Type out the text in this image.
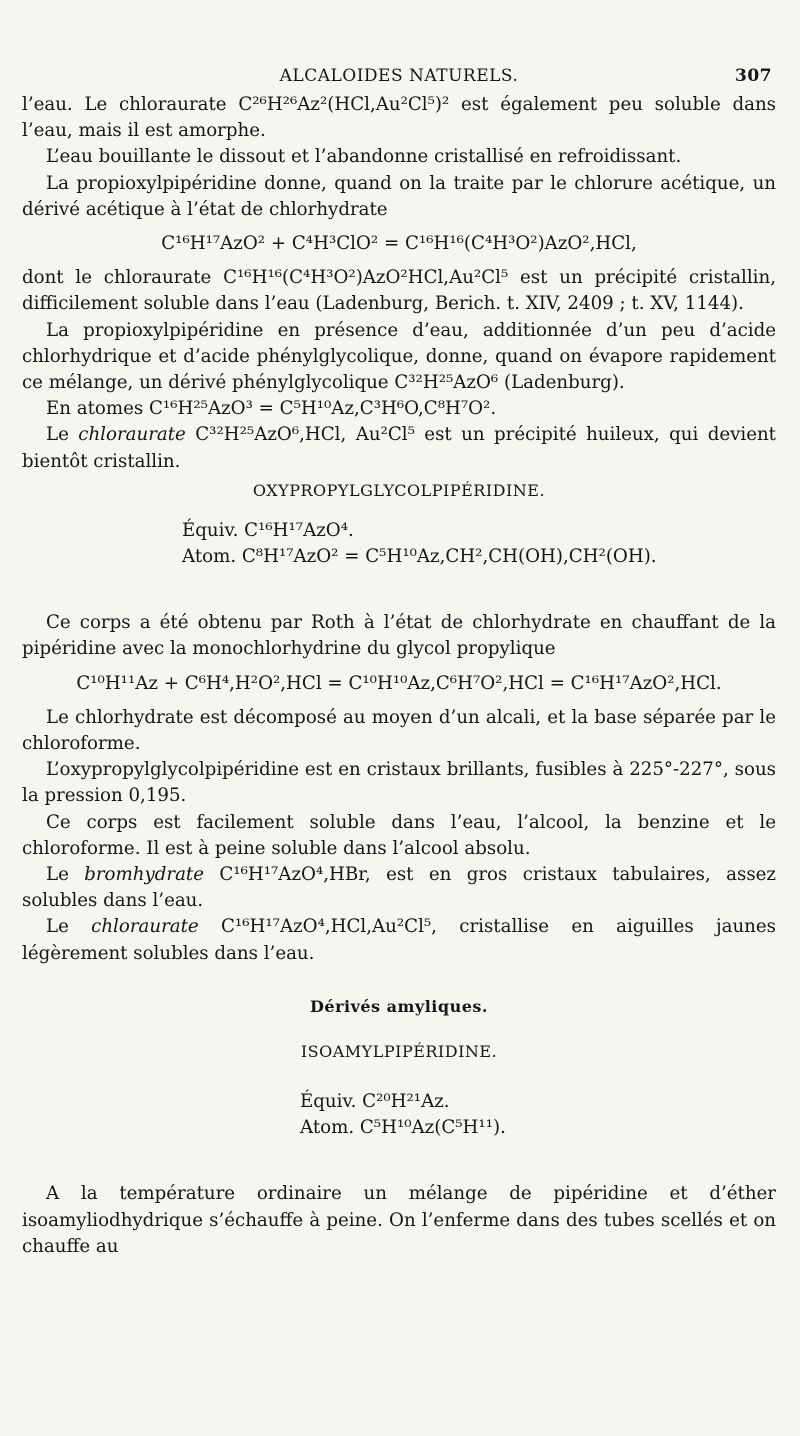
ALCALOIDES NATURELS.	307

l’eau. Le chloraurate C²⁶H²⁶Az²(HCl,Au²Cl⁵)² est également peu soluble dans l’eau, mais il est amorphe.

L’eau bouillante le dissout et l’abandonne cristallisé en refroidissant.

La propioxylpipéridine donne, quand on la traite par le chlorure acétique, un dérivé acétique à l’état de chlorhydrate

C¹⁶H¹⁷AzO² + C⁴H³ClO² = C¹⁶H¹⁶(C⁴H³O²)AzO²,HCl,

dont le chloraurate C¹⁶H¹⁶(C⁴H³O²)AzO²HCl,Au²Cl⁵ est un précipité cristallin, difficilement soluble dans l’eau (Ladenburg, Berich. t. XIV, 2409 ; t. XV, 1144).

La propioxylpipéridine en présence d’eau, additionnée d’un peu d’acide chlorhydrique et d’acide phénylglycolique, donne, quand on évapore rapidement ce mélange, un dérivé phénylglycolique C³²H²⁵AzO⁶ (Ladenburg).

En atomes C¹⁶H²⁵AzO³ = C⁵H¹⁰Az,C³H⁶O,C⁸H⁷O².

Le chloraurate C³²H²⁵AzO⁶,HCl, Au²Cl⁵ est un précipité huileux, qui devient bientôt cristallin.

OXYPROPYLGLYCOLPIPÉRIDINE.
Équiv. C¹⁶H¹⁷AzO⁴.
Atom. C⁸H¹⁷AzO² = C⁵H¹⁰Az,CH²,CH(OH),CH²(OH).

Ce corps a été obtenu par Roth à l’état de chlorhydrate en chauffant de la pipéridine avec la monochlorhydrine du glycol propylique

C¹⁰H¹¹Az + C⁶H⁴,H²O²,HCl = C¹⁰H¹⁰Az,C⁶H⁷O²,HCl = C¹⁶H¹⁷AzO²,HCl.

Le chlorhydrate est décomposé au moyen d’un alcali, et la base séparée par le chloroforme.

L’oxypropylglycolpipéridine est en cristaux brillants, fusibles à 225°-227°, sous la pression 0,195.

Ce corps est facilement soluble dans l’eau, l’alcool, la benzine et le chloroforme. Il est à peine soluble dans l’alcool absolu.

Le bromhydrate C¹⁶H¹⁷AzO⁴,HBr, est en gros cristaux tabulaires, assez solubles dans l’eau.

Le chloraurate C¹⁶H¹⁷AzO⁴,HCl,Au²Cl⁵, cristallise en aiguilles jaunes légèrement solubles dans l’eau.

Dérivés amyliques.
ISOAMYLPIPÉRIDINE.
Équiv. C²⁰H²¹Az.
Atom. C⁵H¹⁰Az(C⁵H¹¹).

A la température ordinaire un mélange de pipéridine et d’éther isoamyliodhydrique s’échauffe à peine. On l’enferme dans des tubes scellés et on chauffe au
